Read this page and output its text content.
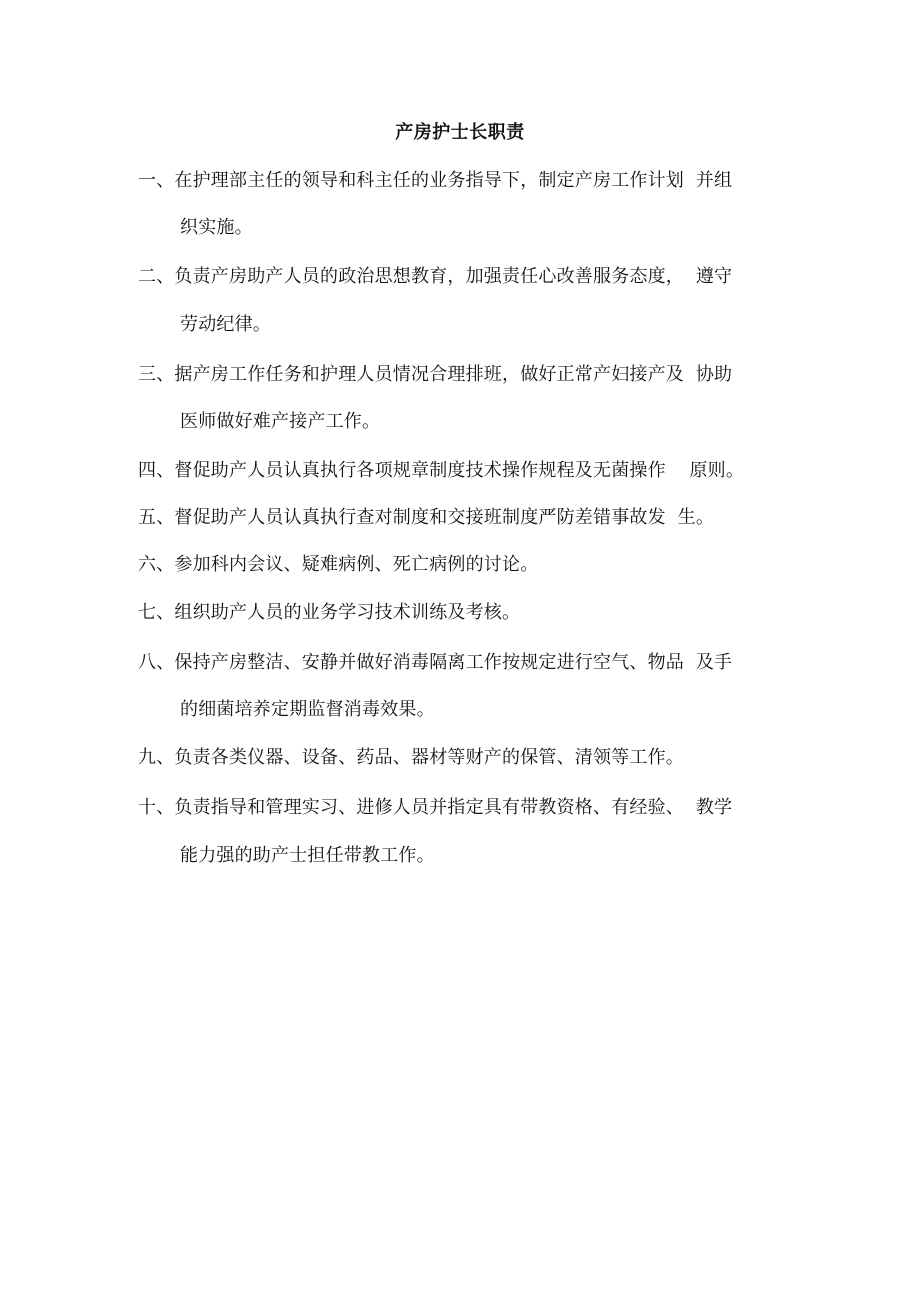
产房护士长职责
一、在护理部主任的领导和科主任的业务指导下，制定产房工作计划  并组
织实施。
二、负责产房助产人员的政治思想教育，加强责任心改善服务态度，  遵守
劳动纪律。
三、据产房工作任务和护理人员情况合理排班，做好正常产妇接产及  协助
医师做好难产接产工作。
四、督促助产人员认真执行各项规章制度技术操作规程及无菌操作    原则。
五、督促助产人员认真执行查对制度和交接班制度严防差错事故发  生。
六、参加科内会议、疑难病例、死亡病例的讨论。
七、组织助产人员的业务学习技术训练及考核。
八、保持产房整洁、安静并做好消毒隔离工作按规定进行空气、物品  及手
的细菌培养定期监督消毒效果。
九、负责各类仪器、设备、药品、器材等财产的保管、清领等工作。
十、负责指导和管理实习、进修人员并指定具有带教资格、有经验、  教学
能力强的助产士担任带教工作。
